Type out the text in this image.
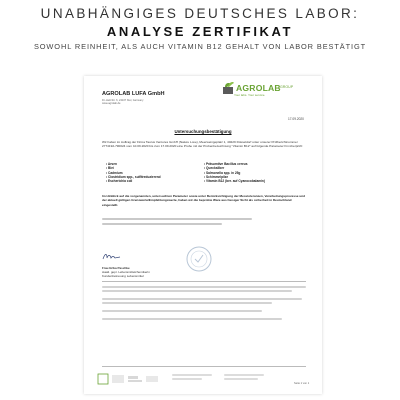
UNABHÄNGIGES DEUTSCHES LABOR:
ANALYSE ZERTIFIKAT
SOWOHL REINHEIT, ALS AUCH VITAMIN B12 GEHALT VON LABOR BESTÄTIGT
AGROLAB LUFA GmbH
Dr.-Hell-Str. 6, 24107 Kiel, Germany
www.agrolab.de
AGROLAB GROUP
Your labs. Your service.
17.09.2020
Untersuchungsbestätigung
Wir haben im Auftrag der Firma Taurus Ventures GmbH (Nature Love), Meerweingeplatz 1, 40229 Düsseldorf unter unserer Prüfberichtnummer 2774192-790024 vom 10.09.2020 bis zum 17.09.2020 eine Probe mit der Probenbezeichnung "Vitamin B12" auf folgende Parameter hin überprüft:
• Arsen
• Blei
• Cadmium
• Clostridium spp., sulfitreduzierend
• Escherichia coli
• Präsumtive Bacillus cereus
• Quecksilber
• Salmonella spp. in 25g
• Schimmelpilze
• Vitamin B12 (ber. auf Cyanocobalamin)
Im Hinblick auf die vorgenannten, untersuchten Parameter sowie unter Berücksichtigung der Messtoleranzen, Verarbeitungsprozesse und der aktuell gültigen Grenzwerte/Empfehlungswerte, haben wir die beprobte Ware aus hiesiger Sicht als sicherheit in Deutschland eingestellt.
Frau Erika Paschke
staatl. gepr. Lebensmittelchemikerin
Kundenbetreuung Lebensmittel
Seite 1 von 1
